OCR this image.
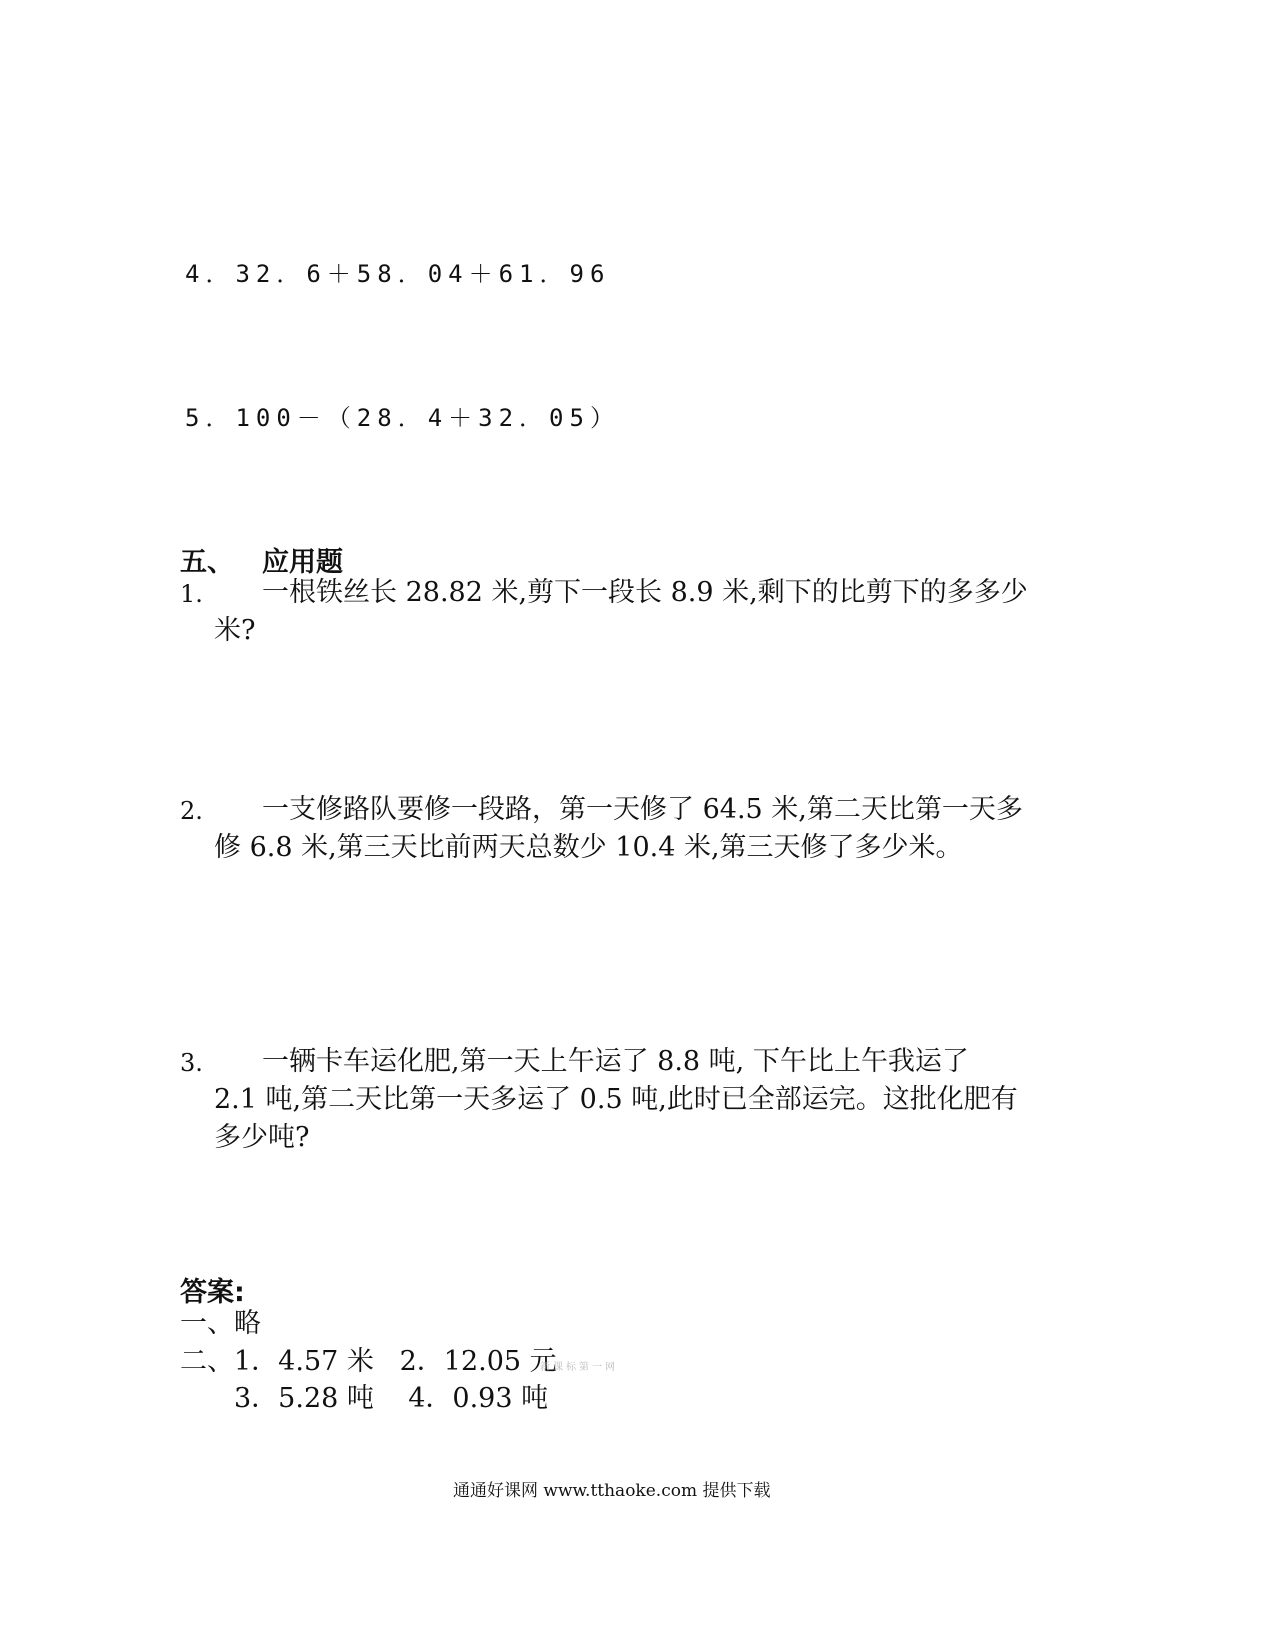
4．32．6＋58．04＋61．96
5．100－（28．4＋32．05）
五、 应用题
1.	一根铁丝长 28.82 米,剪下一段长 8.9 米,剩下的比剪下的多多少
米?
2.	一支修路队要修一段路，第一天修了 64.5 米,第二天比第一天多
修 6.8 米,第三天比前两天总数少 10.4 米,第三天修了多少米。
3.	一辆卡车运化肥,第一天上午运了 8.8 吨, 下午比上午我运了
2.1 吨,第二天比第一天多运了 0.5 吨,此时已全部运完。这批化肥有
多少吨?
答案:
一、略
二、1．4.57 米   2．12.05 元
新课标第一网
3．5.28 吨    4．0.93 吨
通通好课网 www.tthaoke.com 提供下载
